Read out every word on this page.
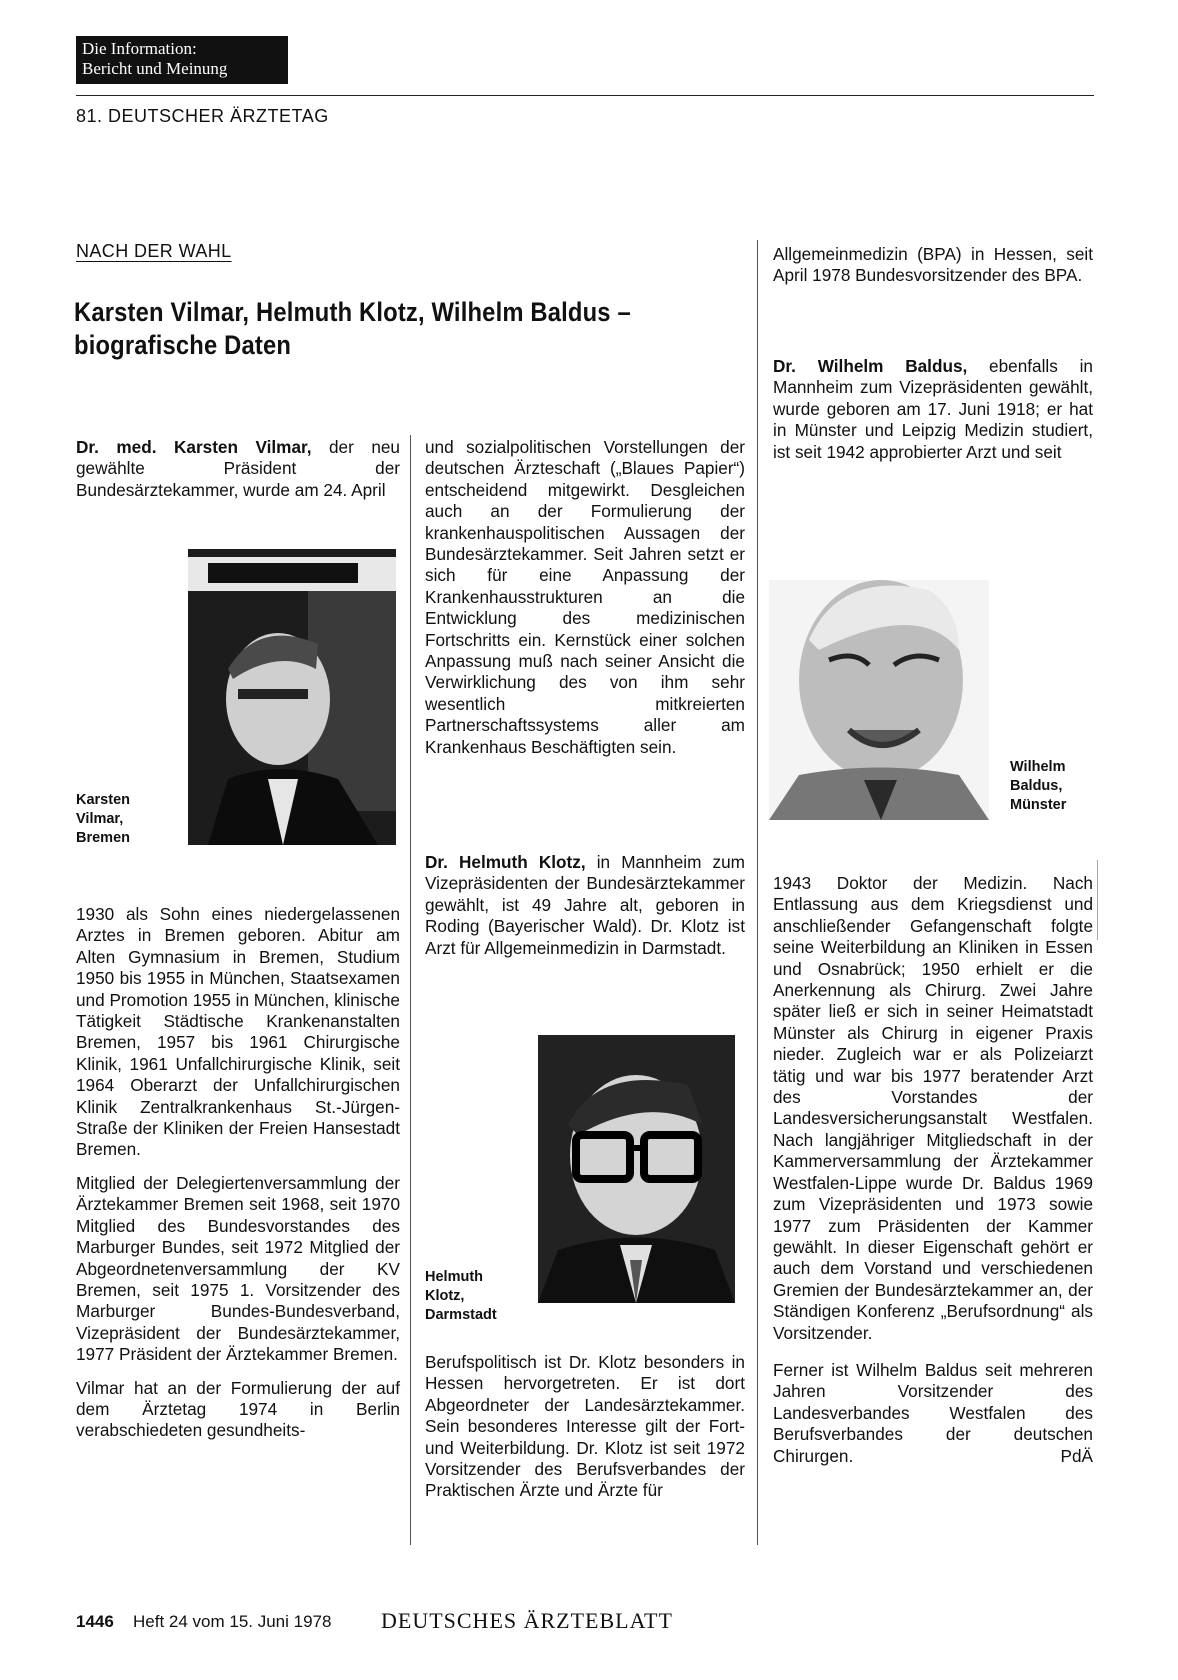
Die Information:
Bericht und Meinung
81. DEUTSCHER ÄRZTETAG
NACH DER WAHL
Karsten Vilmar, Helmuth Klotz, Wilhelm Baldus –
biografische Daten

Dr. med. Karsten Vilmar, der neu gewählte Präsident der Bundesärztekammer, wurde am 24. April

Karsten
Vilmar,
Bremen

1930 als Sohn eines niedergelassenen Arztes in Bremen geboren. Abitur am Alten Gymnasium in Bremen, Studium 1950 bis 1955 in München, Staatsexamen und Promotion 1955 in München, klinische Tätigkeit Städtische Krankenanstalten Bremen, 1957 bis 1961 Chirurgische Klinik, 1961 Unfallchirurgische Klinik, seit 1964 Oberarzt der Unfallchirurgischen Klinik Zentralkrankenhaus St.-Jürgen-Straße der Kliniken der Freien Hansestadt Bremen.

Mitglied der Delegiertenversammlung der Ärztekammer Bremen seit 1968, seit 1970 Mitglied des Bundesvorstandes des Marburger Bundes, seit 1972 Mitglied der Abgeordnetenversammlung der KV Bremen, seit 1975 1. Vorsitzender des Marburger Bundes-Bundesverband, Vizepräsident der Bundesärztekammer, 1977 Präsident der Ärztekammer Bremen.

Vilmar hat an der Formulierung der auf dem Ärztetag 1974 in Berlin verabschiedeten gesundheits-

und sozialpolitischen Vorstellungen der deutschen Ärzteschaft („Blaues Papier“) entscheidend mitgewirkt. Desgleichen auch an der Formulierung der krankenhauspolitischen Aussagen der Bundesärztekammer. Seit Jahren setzt er sich für eine Anpassung der Krankenhausstrukturen an die Entwicklung des medizinischen Fortschritts ein. Kernstück einer solchen Anpassung muß nach seiner Ansicht die Verwirklichung des von ihm sehr wesentlich mitkreierten Partnerschaftssystems aller am Krankenhaus Beschäftigten sein.

Dr. Helmuth Klotz, in Mannheim zum Vizepräsidenten der Bundesärztekammer gewählt, ist 49 Jahre alt, geboren in Roding (Bayerischer Wald). Dr. Klotz ist Arzt für Allgemeinmedizin in Darmstadt.

Helmuth
Klotz,
Darmstadt

Berufspolitisch ist Dr. Klotz besonders in Hessen hervorgetreten. Er ist dort Abgeordneter der Landesärztekammer. Sein besonderes Interesse gilt der Fort- und Weiterbildung. Dr. Klotz ist seit 1972 Vorsitzender des Berufsverbandes der Praktischen Ärzte und Ärzte für

Allgemeinmedizin (BPA) in Hessen, seit April 1978 Bundesvorsitzender des BPA.

Dr. Wilhelm Baldus, ebenfalls in Mannheim zum Vizepräsidenten gewählt, wurde geboren am 17. Juni 1918; er hat in Münster und Leipzig Medizin studiert, ist seit 1942 approbierter Arzt und seit

Wilhelm
Baldus,
Münster

1943 Doktor der Medizin. Nach Entlassung aus dem Kriegsdienst und anschließender Gefangenschaft folgte seine Weiterbildung an Kliniken in Essen und Osnabrück; 1950 erhielt er die Anerkennung als Chirurg. Zwei Jahre später ließ er sich in seiner Heimatstadt Münster als Chirurg in eigener Praxis nieder. Zugleich war er als Polizeiarzt tätig und war bis 1977 beratender Arzt des Vorstandes der Landesversicherungsanstalt Westfalen. Nach langjähriger Mitgliedschaft in der Kammerversammlung der Ärztekammer Westfalen-Lippe wurde Dr. Baldus 1969 zum Vizepräsidenten und 1973 sowie 1977 zum Präsidenten der Kammer gewählt. In dieser Eigenschaft gehört er auch dem Vorstand und verschiedenen Gremien der Bundesärztekammer an, der Ständigen Konferenz „Berufsordnung“ als Vorsitzender.

Ferner ist Wilhelm Baldus seit mehreren Jahren Vorsitzender des Landesverbandes Westfalen des Berufsverbandes der deutschen Chirurgen.	PdÄ

1446 Heft 24 vom 15. Juni 1978 DEUTSCHES ÄRZTEBLATT
